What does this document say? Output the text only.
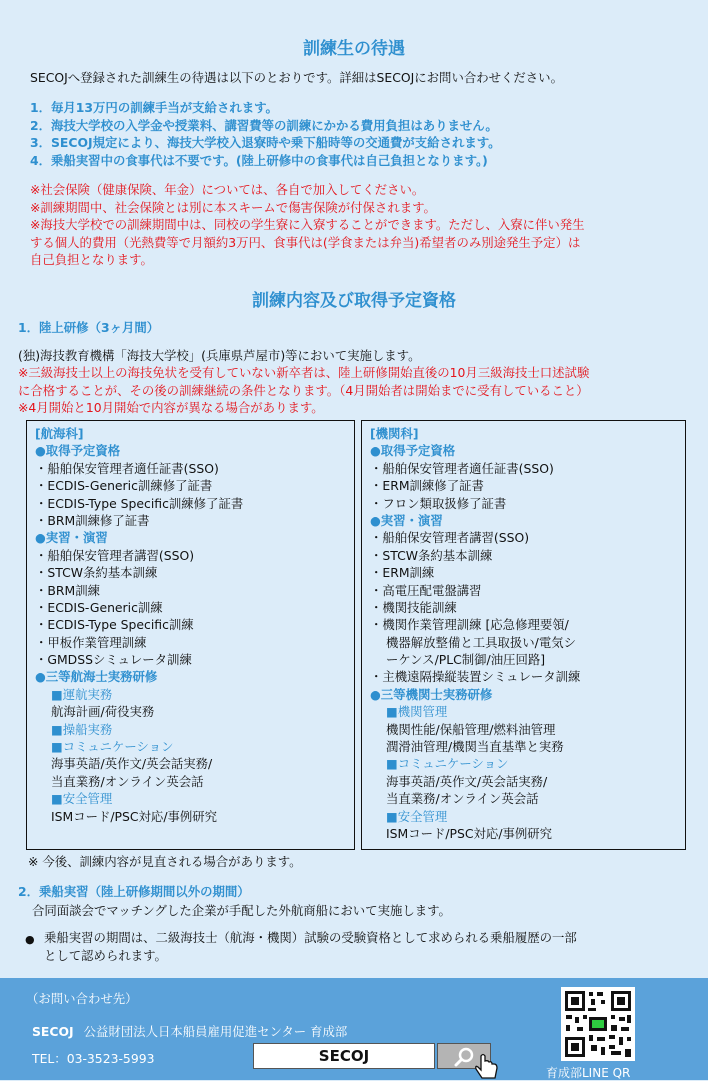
訓練生の待遇
SECOJへ登録された訓練生の待遇は以下のとおりです。詳細はSECOJにお問い合わせください。
1．毎月13万円の訓練手当が支給されます。
2．海技大学校の入学金や授業料、講習費等の訓練にかかる費用負担はありません。
3．SECOJ規定により、海技大学校入退寮時や乗下船時等の交通費が支給されます。
4．乗船実習中の食事代は不要です。(陸上研修中の食事代は自己負担となります。)
※社会保険（健康保険、年金）については、各自で加入してください。
※訓練期間中、社会保険とは別に本スキームで傷害保険が付保されます。
※海技大学校での訓練期間中は、同校の学生寮に入寮することができます。ただし、入寮に伴い発生
する個人的費用（光熱費等で月額約3万円、食事代は(学食または弁当)希望者のみ別途発生予定）は
自己負担となります。
訓練内容及び取得予定資格
1．陸上研修（3ヶ月間）
(独)海技教育機構「海技大学校」(兵庫県芦屋市)等において実施します。
※三級海技士以上の海技免状を受有していない新卒者は、陸上研修開始直後の10月三級海技士口述試験
に合格することが、その後の訓練継続の条件となります。（4月開始者は開始までに受有していること）
※4月開始と10月開始で内容が異なる場合があります。
[航海科]
●取得予定資格
・船舶保安管理者適任証書(SSO)
・ECDIS-Generic訓練修了証書
・ECDIS-Type Specific訓練修了証書
・BRM訓練修了証書
●実習・演習
・船舶保安管理者講習(SSO)
・STCW条約基本訓練
・BRM訓練
・ECDIS-Generic訓練
・ECDIS-Type Specific訓練
・甲板作業管理訓練
・GMDSSシミュレータ訓練
●三等航海士実務研修
■運航実務
航海計画/荷役実務
■操船実務
■コミュニケーション
海事英語/英作文/英会話実務/
当直業務/オンライン英会話
■安全管理
ISMコード/PSC対応/事例研究
[機関科]
●取得予定資格
・船舶保安管理者適任証書(SSO)
・ERM訓練修了証書
・フロン類取扱修了証書
●実習・演習
・船舶保安管理者講習(SSO)
・STCW条約基本訓練
・ERM訓練
・高電圧配電盤講習
・機関技能訓練
・機関作業管理訓練 [応急修理要領/
機器解放整備と工具取扱い/電気シ
ーケンス/PLC制御/油圧回路]
・主機遠隔操縦装置シミュレータ訓練
●三等機関士実務研修
■機関管理
機関性能/保船管理/燃料油管理
潤滑油管理/機関当直基準と実務
■コミュニケーション
海事英語/英作文/英会話実務/
当直業務/オンライン英会話
■安全管理
ISMコード/PSC対応/事例研究
※ 今後、訓練内容が見直される場合があります。
2．乗船実習（陸上研修期間以外の期間）
合同面談会でマッチングした企業が手配した外航商船において実施します。
● 乗船実習の期間は、二級海技士（航海・機関）試験の受験資格として求められる乗船履歴の一部
として認められます。
（お問い合わせ先）
SECOJ 公益財団法人日本船員雇用促進センター 育成部
TEL：03-3523-5993	SECOJ
育成部LINE QR
